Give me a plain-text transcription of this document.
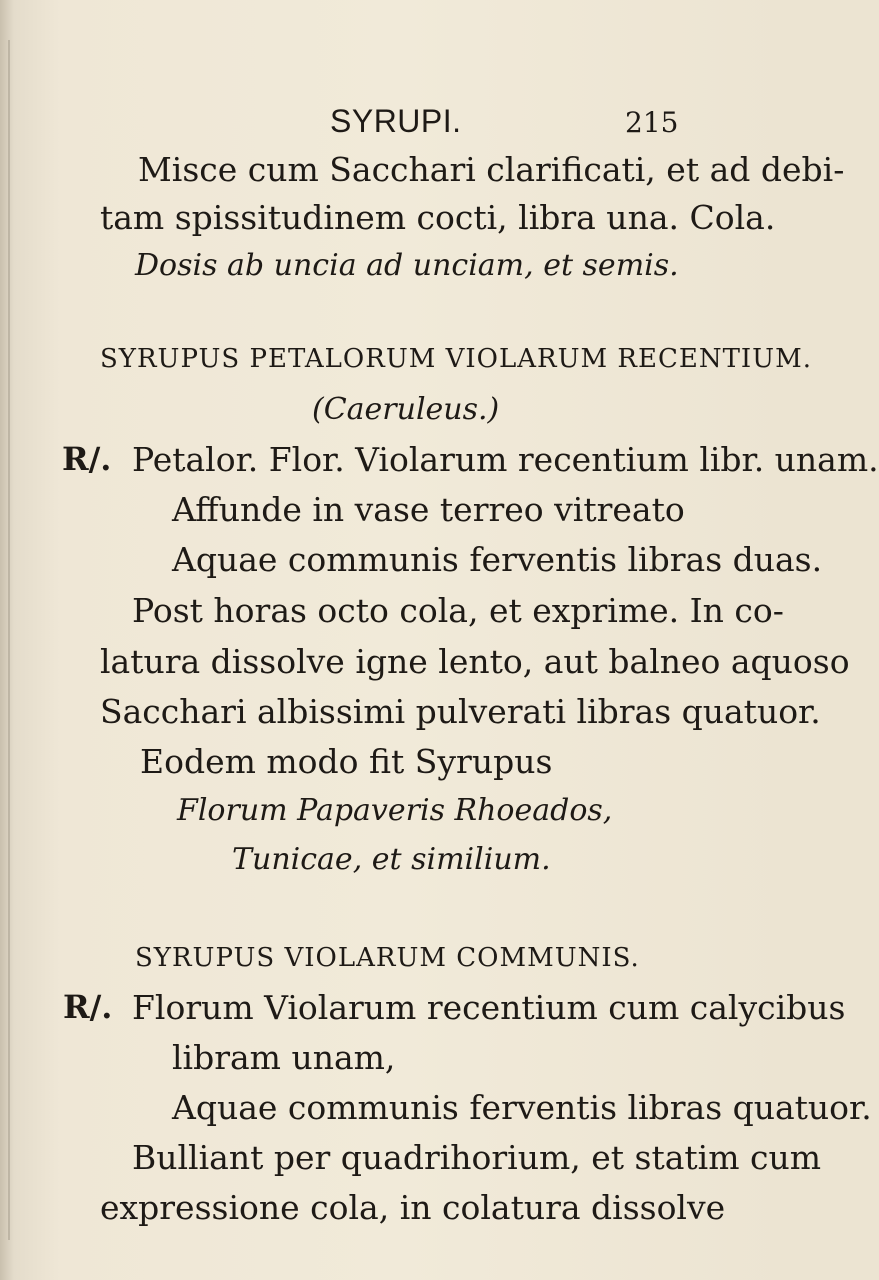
SYRUPI.	215
Misce cum Sacchari clarificati, et ad debi-
tam spissitudinem cocti, libra una. Cola.
Dosis ab uncia ad unciam, et semis.
SYRUPUS PETALORUM VIOLARUM RECENTIUM.
(Caeruleus.)
R/. Petalor. Flor. Violarum recentium libr. unam.
Affunde in vase terreo vitreato
Aquae communis ferventis libras duas.
Post horas octo cola, et exprime. In co-
latura dissolve igne lento, aut balneo aquoso
Sacchari albissimi pulverati libras quatuor.
Eodem modo fit Syrupus
Florum Papaveris Rhoeados,
Tunicae, et similium.
SYRUPUS VIOLARUM COMMUNIS.
R/. Florum Violarum recentium cum calycibus
libram unam,
Aquae communis ferventis libras quatuor.
Bulliant per quadrihorium, et statim cum
expressione cola, in colatura dissolve
